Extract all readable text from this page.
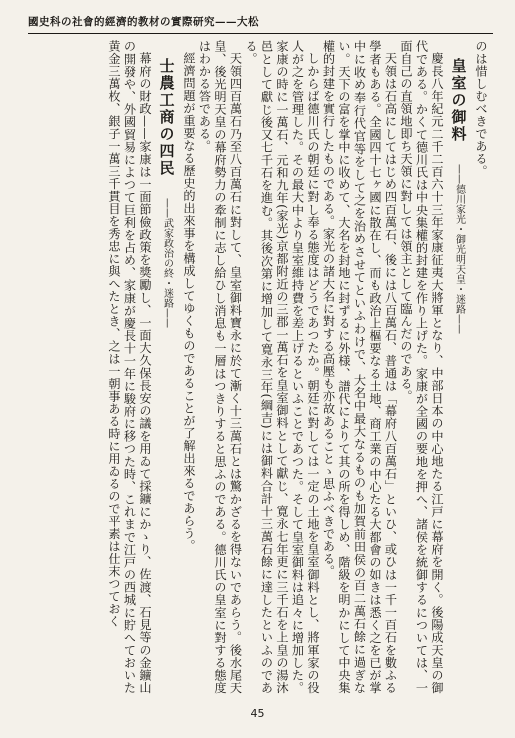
國史科の社會的經濟的教材の實際研究——大松

のは惜しむべきである。

皇室の御料 ——德川家光・御光明天皇・迷路——

慶長八年紀元二千二百六十三年家康征夷大將軍となり、中部日本の中心地たる江戸に幕府を開く。後陽成天皇の御代である。かくて德川氏は中央集權的封建を作り上げた。家康が全國の要地を押へ、諸侯を統御するについては、一面自己の直領地即ち天領に對しては領主として臨んだのである。

天領は石高にしてはじめ四百萬石、後には八百萬石、普通は「幕府八百萬石」といひ、或ひは一千一百石を數ふる學者もある。全國四十七ヶ國に散在し、而も政治上樞要なる土地、商工業の中心たる大都會の如きは悉く之を已が掌中に收め奉行代官等をして之を治めさせてといふわけで、大名中最大なるものも加賀前田侯の百二萬石餘に過ぎない。天下の富を掌中に收めて、大名を封地に封ずるに外様、譜代によりて其の所を得しめ、階級を明かにして中央集權的封建を實行したものである。家光の諸大名に對する高壓も亦故あることゝ思ふべきである。

しからば德川氏の朝廷に對し奉る態度はどうであつたか。朝廷に對しては一定の土地を皇室御料とし、將軍家の役人が之を管理した。その最大中より皇室維持費を差上げるといふことであつた。そして皇室御料は追々に增加した。家康の時に一萬石、元和九年(家光)京都附近の三郡一萬石を皇室御料として獻じ、寛永七年更に三千石を上皇の湯沐邑として獻じ後又七千石を進む。其後次第に增加して寛永三年(綱吉)には御料合計十三萬石餘に達したといふのである。

天領四百萬石乃至八百萬石に對して、皇室御料寶永に於て漸く十三萬石とは驚かざるを得ないであらう。後水尾天皇、後光明天皇の幕府勢力の牽制に志し給ひし消息も一層はつきりすると思ふのである。德川氏の皇室に對する態度はわかる答である。

經濟問題が重要なる歷史的出來事を構成してゆくものであることが了解出來るであらう。

士農工商の四民 ——武家政治の終・迷路——

幕府の財政——家康は一面節儉政策を獎勵し、一面大久保長安の議を用ゐて採鑛にかゝり、佐渡、石見等の金鑛山の開發や、外國貿易によつて巨利を占め、家康が慶長十一年に駿府に移つた時、これまで江戸の西城に貯へておいた黄金三萬枚、銀子一萬三千貫目を秀忠に與へたとき、之は一朝事ある時に用ゐるので平素は仕末つておく

45
